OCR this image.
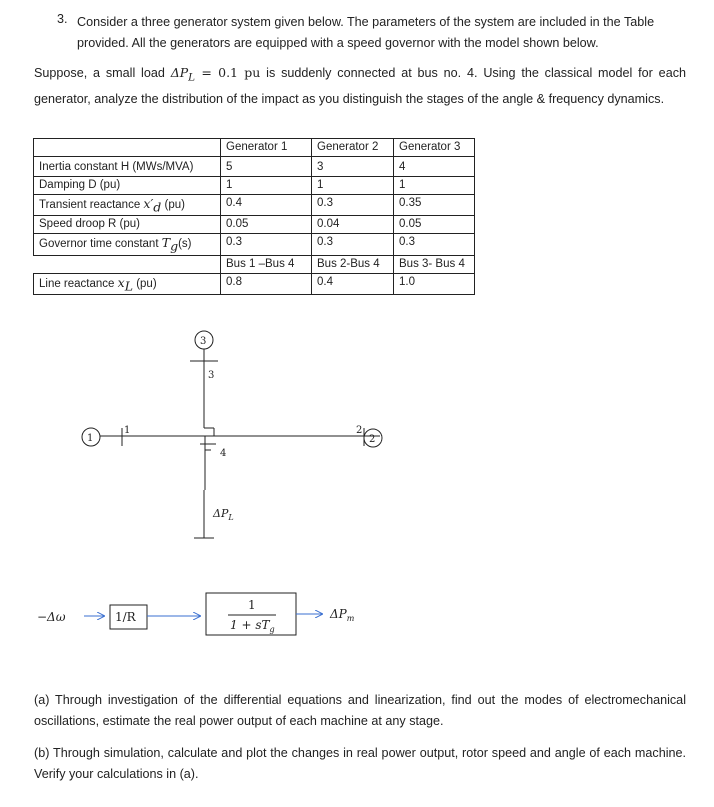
3. Consider a three generator system given below. The parameters of the system are included in the Table provided. All the generators are equipped with a speed governor with the model shown below.

Suppose, a small load $\Delta P_L = 0.1$ pu is suddenly connected at bus no. 4. Using the classical model for each generator, analyze the distribution of the impact as you distinguish the stages of the angle & frequency dynamics.

	Generator 1	Generator 2	Generator 3
Inertia constant H (MWs/MVA)	5	3	4
Damping D (pu)	1	1	1
Transient reactance $x'_d$ (pu)	0.4	0.3	0.35
Speed droop R (pu)	0.05	0.04	0.05
Governor time constant $T_g(s)$	0.3	0.3	0.3
	Bus 1 –Bus 4	Bus 2-Bus 4	Bus 3- Bus 4
Line reactance $x_L$ (pu)	0.8	0.4	1.0
3
1	2
3
1	2
4
$\Delta P_L$
−Δω	1/R
1
$1 + sT_g$
$\Delta P_m$

(a) Through investigation of the differential equations and linearization, find out the modes of electromechanical oscillations, estimate the real power output of each machine at any stage.

(b) Through simulation, calculate and plot the changes in real power output, rotor speed and angle of each machine. Verify your calculations in (a).
